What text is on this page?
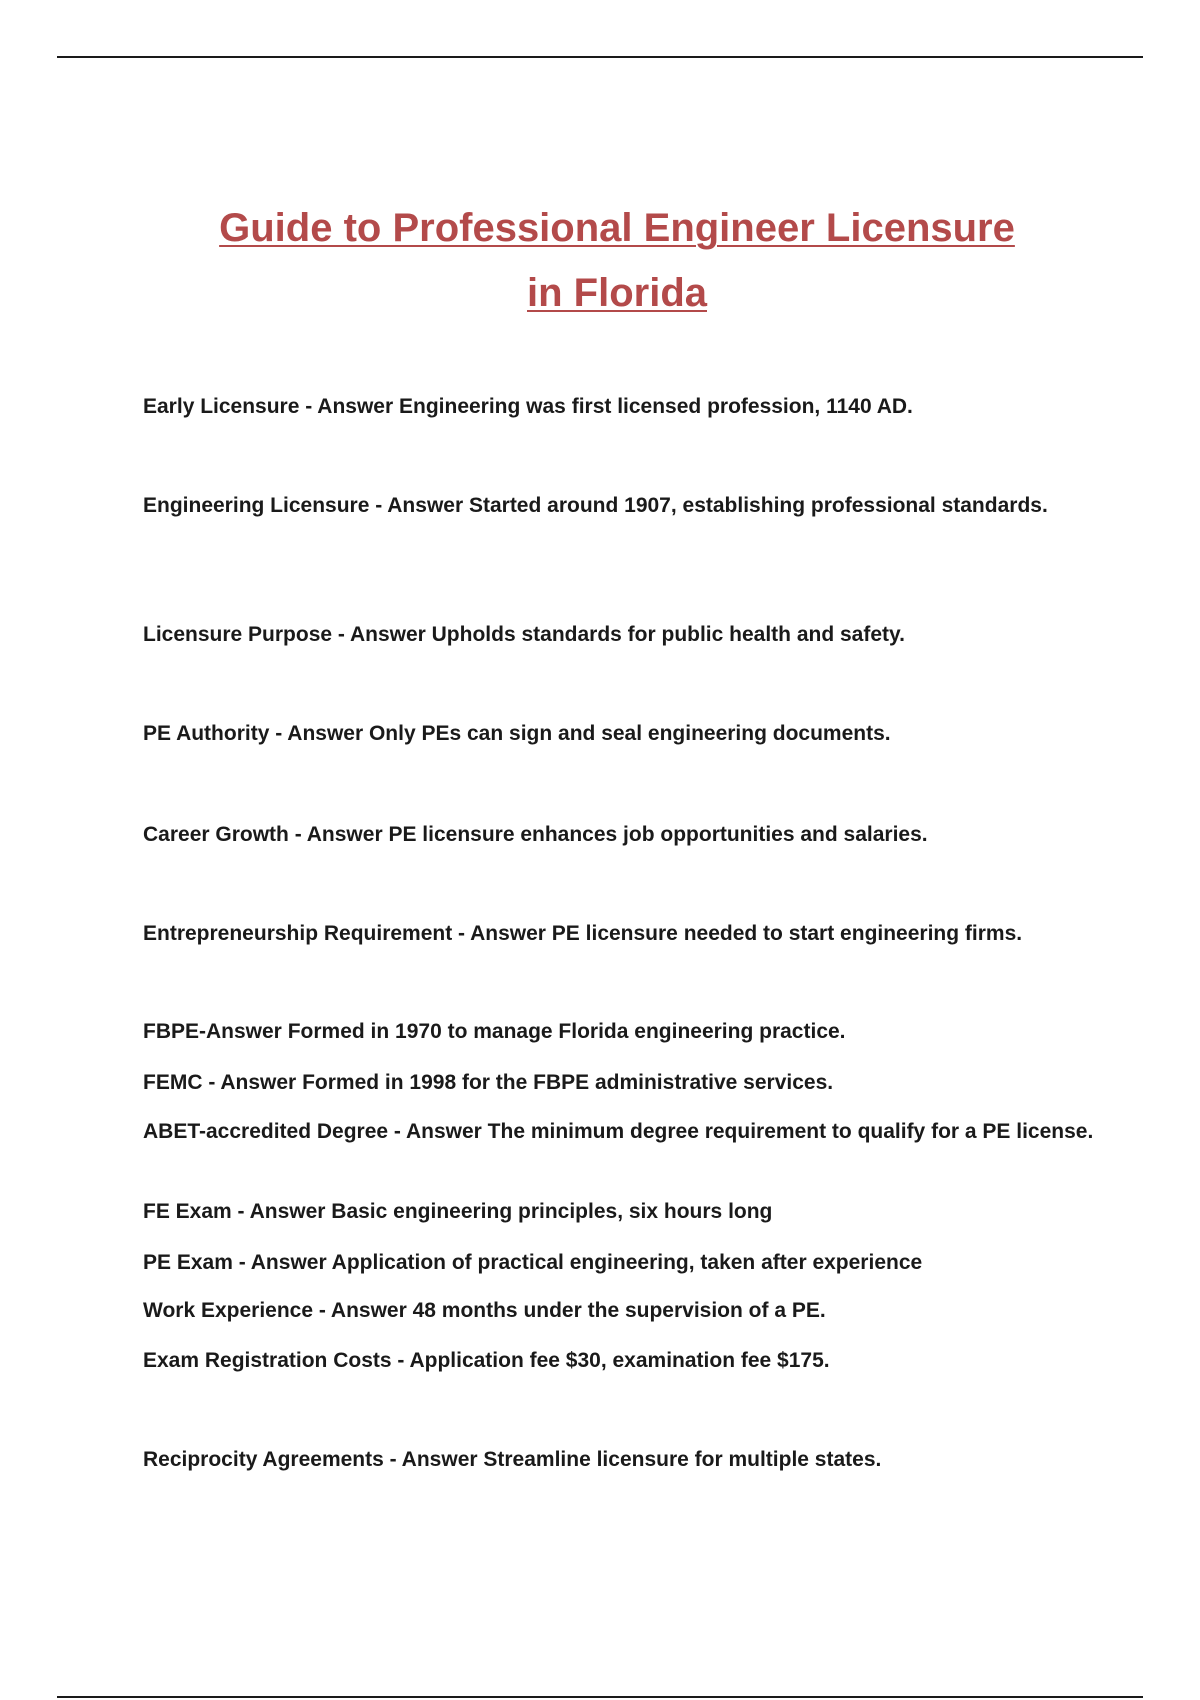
Guide to Professional Engineer Licensure
in Florida

Early Licensure - Answer Engineering was first licensed profession, 1140 AD.

Engineering Licensure - Answer Started around 1907, establishing professional standards.

Licensure Purpose - Answer Upholds standards for public health and safety.

PE Authority - Answer Only PEs can sign and seal engineering documents.

Career Growth - Answer PE licensure enhances job opportunities and salaries.

Entrepreneurship Requirement - Answer PE licensure needed to start engineering firms.

FBPE-Answer Formed in 1970 to manage Florida engineering practice.

FEMC - Answer Formed in 1998 for the FBPE administrative services.

ABET-accredited Degree - Answer The minimum degree requirement to qualify for a PE license.

FE Exam - Answer Basic engineering principles, six hours long

PE Exam - Answer Application of practical engineering, taken after experience

Work Experience - Answer 48 months under the supervision of a PE.

Exam Registration Costs - Application fee $30, examination fee $175.

Reciprocity Agreements - Answer Streamline licensure for multiple states.
